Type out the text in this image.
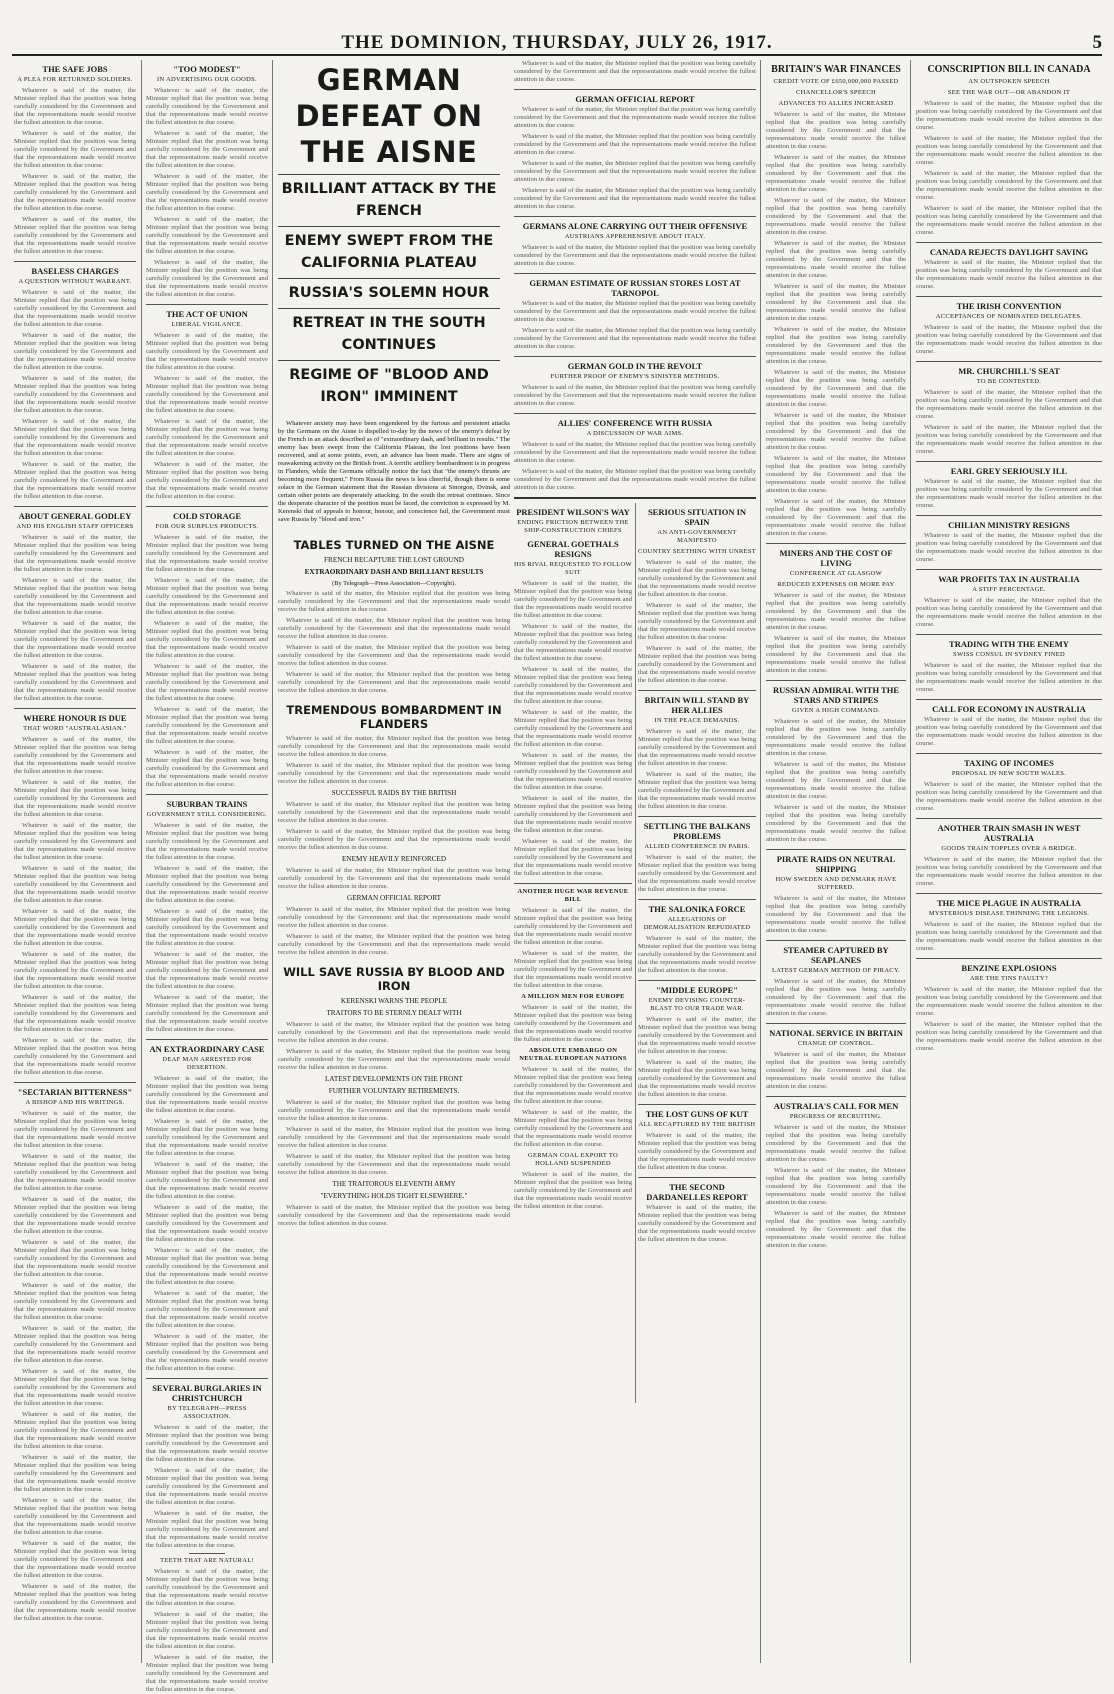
THE DOMINION, THURSDAY, JULY 26, 1917.	5
THE SAFE JOBS
A PLEA FOR RETURNED SOLDIERS.

Whatever is said of the matter, the Minister replied that the position was being carefully considered by the Government and that the representations made would receive the fullest attention in due course.

Whatever is said of the matter, the Minister replied that the position was being carefully considered by the Government and that the representations made would receive the fullest attention in due course.

Whatever is said of the matter, the Minister replied that the position was being carefully considered by the Government and that the representations made would receive the fullest attention in due course.

Whatever is said of the matter, the Minister replied that the position was being carefully considered by the Government and that the representations made would receive the fullest attention in due course.

BASELESS CHARGES
A QUESTION WITHOUT WARRANT.

Whatever is said of the matter, the Minister replied that the position was being carefully considered by the Government and that the representations made would receive the fullest attention in due course.

Whatever is said of the matter, the Minister replied that the position was being carefully considered by the Government and that the representations made would receive the fullest attention in due course.

Whatever is said of the matter, the Minister replied that the position was being carefully considered by the Government and that the representations made would receive the fullest attention in due course.

Whatever is said of the matter, the Minister replied that the position was being carefully considered by the Government and that the representations made would receive the fullest attention in due course.

Whatever is said of the matter, the Minister replied that the position was being carefully considered by the Government and that the representations made would receive the fullest attention in due course.

ABOUT GENERAL GODLEY
AND HIS ENGLISH STAFF OFFICERS

Whatever is said of the matter, the Minister replied that the position was being carefully considered by the Government and that the representations made would receive the fullest attention in due course.

Whatever is said of the matter, the Minister replied that the position was being carefully considered by the Government and that the representations made would receive the fullest attention in due course.

Whatever is said of the matter, the Minister replied that the position was being carefully considered by the Government and that the representations made would receive the fullest attention in due course.

Whatever is said of the matter, the Minister replied that the position was being carefully considered by the Government and that the representations made would receive the fullest attention in due course.

WHERE HONOUR IS DUE
THAT WORD "AUSTRALASIAN."

Whatever is said of the matter, the Minister replied that the position was being carefully considered by the Government and that the representations made would receive the fullest attention in due course.

Whatever is said of the matter, the Minister replied that the position was being carefully considered by the Government and that the representations made would receive the fullest attention in due course.

Whatever is said of the matter, the Minister replied that the position was being carefully considered by the Government and that the representations made would receive the fullest attention in due course.

Whatever is said of the matter, the Minister replied that the position was being carefully considered by the Government and that the representations made would receive the fullest attention in due course.

Whatever is said of the matter, the Minister replied that the position was being carefully considered by the Government and that the representations made would receive the fullest attention in due course.

Whatever is said of the matter, the Minister replied that the position was being carefully considered by the Government and that the representations made would receive the fullest attention in due course.

Whatever is said of the matter, the Minister replied that the position was being carefully considered by the Government and that the representations made would receive the fullest attention in due course.

Whatever is said of the matter, the Minister replied that the position was being carefully considered by the Government and that the representations made would receive the fullest attention in due course.

"SECTARIAN BITTERNESS"
A BISHOP AND HIS WRITINGS.

Whatever is said of the matter, the Minister replied that the position was being carefully considered by the Government and that the representations made would receive the fullest attention in due course.

Whatever is said of the matter, the Minister replied that the position was being carefully considered by the Government and that the representations made would receive the fullest attention in due course.

Whatever is said of the matter, the Minister replied that the position was being carefully considered by the Government and that the representations made would receive the fullest attention in due course.

Whatever is said of the matter, the Minister replied that the position was being carefully considered by the Government and that the representations made would receive the fullest attention in due course.

Whatever is said of the matter, the Minister replied that the position was being carefully considered by the Government and that the representations made would receive the fullest attention in due course.

Whatever is said of the matter, the Minister replied that the position was being carefully considered by the Government and that the representations made would receive the fullest attention in due course.

Whatever is said of the matter, the Minister replied that the position was being carefully considered by the Government and that the representations made would receive the fullest attention in due course.

Whatever is said of the matter, the Minister replied that the position was being carefully considered by the Government and that the representations made would receive the fullest attention in due course.

Whatever is said of the matter, the Minister replied that the position was being carefully considered by the Government and that the representations made would receive the fullest attention in due course.

Whatever is said of the matter, the Minister replied that the position was being carefully considered by the Government and that the representations made would receive the fullest attention in due course.

Whatever is said of the matter, the Minister replied that the position was being carefully considered by the Government and that the representations made would receive the fullest attention in due course.

Whatever is said of the matter, the Minister replied that the position was being carefully considered by the Government and that the representations made would receive the fullest attention in due course.

"TOO MODEST"
IN ADVERTISING OUR GOODS.

Whatever is said of the matter, the Minister replied that the position was being carefully considered by the Government and that the representations made would receive the fullest attention in due course.

Whatever is said of the matter, the Minister replied that the position was being carefully considered by the Government and that the representations made would receive the fullest attention in due course.

Whatever is said of the matter, the Minister replied that the position was being carefully considered by the Government and that the representations made would receive the fullest attention in due course.

Whatever is said of the matter, the Minister replied that the position was being carefully considered by the Government and that the representations made would receive the fullest attention in due course.

Whatever is said of the matter, the Minister replied that the position was being carefully considered by the Government and that the representations made would receive the fullest attention in due course.

THE ACT OF UNION
LIBERAL VIGILANCE.

Whatever is said of the matter, the Minister replied that the position was being carefully considered by the Government and that the representations made would receive the fullest attention in due course.

Whatever is said of the matter, the Minister replied that the position was being carefully considered by the Government and that the representations made would receive the fullest attention in due course.

Whatever is said of the matter, the Minister replied that the position was being carefully considered by the Government and that the representations made would receive the fullest attention in due course.

Whatever is said of the matter, the Minister replied that the position was being carefully considered by the Government and that the representations made would receive the fullest attention in due course.

COLD STORAGE
FOR OUR SURPLUS PRODUCTS.

Whatever is said of the matter, the Minister replied that the position was being carefully considered by the Government and that the representations made would receive the fullest attention in due course.

Whatever is said of the matter, the Minister replied that the position was being carefully considered by the Government and that the representations made would receive the fullest attention in due course.

Whatever is said of the matter, the Minister replied that the position was being carefully considered by the Government and that the representations made would receive the fullest attention in due course.

Whatever is said of the matter, the Minister replied that the position was being carefully considered by the Government and that the representations made would receive the fullest attention in due course.

Whatever is said of the matter, the Minister replied that the position was being carefully considered by the Government and that the representations made would receive the fullest attention in due course.

Whatever is said of the matter, the Minister replied that the position was being carefully considered by the Government and that the representations made would receive the fullest attention in due course.

SUBURBAN TRAINS
GOVERNMENT STILL CONSIDERING.

Whatever is said of the matter, the Minister replied that the position was being carefully considered by the Government and that the representations made would receive the fullest attention in due course.

Whatever is said of the matter, the Minister replied that the position was being carefully considered by the Government and that the representations made would receive the fullest attention in due course.

Whatever is said of the matter, the Minister replied that the position was being carefully considered by the Government and that the representations made would receive the fullest attention in due course.

Whatever is said of the matter, the Minister replied that the position was being carefully considered by the Government and that the representations made would receive the fullest attention in due course.

Whatever is said of the matter, the Minister replied that the position was being carefully considered by the Government and that the representations made would receive the fullest attention in due course.

AN EXTRAORDINARY CASE
DEAF MAN ARRESTED FOR DESERTION.

Whatever is said of the matter, the Minister replied that the position was being carefully considered by the Government and that the representations made would receive the fullest attention in due course.

Whatever is said of the matter, the Minister replied that the position was being carefully considered by the Government and that the representations made would receive the fullest attention in due course.

Whatever is said of the matter, the Minister replied that the position was being carefully considered by the Government and that the representations made would receive the fullest attention in due course.

Whatever is said of the matter, the Minister replied that the position was being carefully considered by the Government and that the representations made would receive the fullest attention in due course.

Whatever is said of the matter, the Minister replied that the position was being carefully considered by the Government and that the representations made would receive the fullest attention in due course.

Whatever is said of the matter, the Minister replied that the position was being carefully considered by the Government and that the representations made would receive the fullest attention in due course.

Whatever is said of the matter, the Minister replied that the position was being carefully considered by the Government and that the representations made would receive the fullest attention in due course.

SEVERAL BURGLARIES IN CHRISTCHURCH
BY TELEGRAPH—PRESS ASSOCIATION.

Whatever is said of the matter, the Minister replied that the position was being carefully considered by the Government and that the representations made would receive the fullest attention in due course.

Whatever is said of the matter, the Minister replied that the position was being carefully considered by the Government and that the representations made would receive the fullest attention in due course.

Whatever is said of the matter, the Minister replied that the position was being carefully considered by the Government and that the representations made would receive the fullest attention in due course.

TEETH THAT ARE NATURAL!

Whatever is said of the matter, the Minister replied that the position was being carefully considered by the Government and that the representations made would receive the fullest attention in due course.

Whatever is said of the matter, the Minister replied that the position was being carefully considered by the Government and that the representations made would receive the fullest attention in due course.

Whatever is said of the matter, the Minister replied that the position was being carefully considered by the Government and that the representations made would receive the fullest attention in due course.

GERMAN DEFEAT ON THE AISNE
BRILLIANT ATTACK BY THE FRENCH
ENEMY SWEPT FROM THE CALIFORNIA PLATEAU
RUSSIA'S SOLEMN HOUR
RETREAT IN THE SOUTH CONTINUES
REGIME OF "BLOOD AND IRON" IMMINENT

Whatever is said of the matter, the Minister replied that the position was being carefully considered by the Government and that the representations made would receive the fullest attention in due course.

GERMAN OFFICIAL REPORT

Whatever is said of the matter, the Minister replied that the position was being carefully considered by the Government and that the representations made would receive the fullest attention in due course.

Whatever is said of the matter, the Minister replied that the position was being carefully considered by the Government and that the representations made would receive the fullest attention in due course.

Whatever is said of the matter, the Minister replied that the position was being carefully considered by the Government and that the representations made would receive the fullest attention in due course.

Whatever is said of the matter, the Minister replied that the position was being carefully considered by the Government and that the representations made would receive the fullest attention in due course.

GERMANS ALONE CARRYING OUT THEIR OFFENSIVE
AUSTRIANS APPREHENSIVE ABOUT ITALY.

Whatever is said of the matter, the Minister replied that the position was being carefully considered by the Government and that the representations made would receive the fullest attention in due course.

GERMAN ESTIMATE OF RUSSIAN STORES LOST AT TARNOPOL

Whatever is said of the matter, the Minister replied that the position was being carefully considered by the Government and that the representations made would receive the fullest attention in due course.

Whatever is said of the matter, the Minister replied that the position was being carefully considered by the Government and that the representations made would receive the fullest attention in due course.

GERMAN GOLD IN THE REVOLT
FURTHER PROOF OF ENEMY'S SINISTER METHODS.

Whatever is said of the matter, the Minister replied that the position was being carefully considered by the Government and that the representations made would receive the fullest attention in due course.

ALLIES' CONFERENCE WITH RUSSIA
A DISCUSSION OF WAR AIMS.

Whatever is said of the matter, the Minister replied that the position was being carefully considered by the Government and that the representations made would receive the fullest attention in due course.

Whatever is said of the matter, the Minister replied that the position was being carefully considered by the Government and that the representations made would receive the fullest attention in due course.

PRESIDENT WILSON'S WAY
ENDING FRICTION BETWEEN THE SHIP-CONSTRUCTION CHIEFS
GENERAL GOETHALS RESIGNS
HIS RIVAL REQUESTED TO FOLLOW SUIT

Whatever is said of the matter, the Minister replied that the position was being carefully considered by the Government and that the representations made would receive the fullest attention in due course.

Whatever is said of the matter, the Minister replied that the position was being carefully considered by the Government and that the representations made would receive the fullest attention in due course.

Whatever is said of the matter, the Minister replied that the position was being carefully considered by the Government and that the representations made would receive the fullest attention in due course.

Whatever is said of the matter, the Minister replied that the position was being carefully considered by the Government and that the representations made would receive the fullest attention in due course.

Whatever is said of the matter, the Minister replied that the position was being carefully considered by the Government and that the representations made would receive the fullest attention in due course.

Whatever is said of the matter, the Minister replied that the position was being carefully considered by the Government and that the representations made would receive the fullest attention in due course.

Whatever is said of the matter, the Minister replied that the position was being carefully considered by the Government and that the representations made would receive the fullest attention in due course.

ANOTHER HUGE WAR REVENUE BILL

Whatever is said of the matter, the Minister replied that the position was being carefully considered by the Government and that the representations made would receive the fullest attention in due course.

Whatever is said of the matter, the Minister replied that the position was being carefully considered by the Government and that the representations made would receive the fullest attention in due course.

A MILLION MEN FOR EUROPE

Whatever is said of the matter, the Minister replied that the position was being carefully considered by the Government and that the representations made would receive the fullest attention in due course.

ABSOLUTE EMBARGO ON NEUTRAL EUROPEAN NATIONS

Whatever is said of the matter, the Minister replied that the position was being carefully considered by the Government and that the representations made would receive the fullest attention in due course.

Whatever is said of the matter, the Minister replied that the position was being carefully considered by the Government and that the representations made would receive the fullest attention in due course.

GERMAN COAL EXPORT TO HOLLAND SUSPENDED

Whatever is said of the matter, the Minister replied that the position was being carefully considered by the Government and that the representations made would receive the fullest attention in due course.

SERIOUS SITUATION IN SPAIN
AN ANTI-GOVERNMENT MANIFESTO
COUNTRY SEETHING WITH UNREST

Whatever is said of the matter, the Minister replied that the position was being carefully considered by the Government and that the representations made would receive the fullest attention in due course.

Whatever is said of the matter, the Minister replied that the position was being carefully considered by the Government and that the representations made would receive the fullest attention in due course.

Whatever is said of the matter, the Minister replied that the position was being carefully considered by the Government and that the representations made would receive the fullest attention in due course.

BRITAIN WILL STAND BY HER ALLIES
IN THE PEACE DEMANDS.

Whatever is said of the matter, the Minister replied that the position was being carefully considered by the Government and that the representations made would receive the fullest attention in due course.

Whatever is said of the matter, the Minister replied that the position was being carefully considered by the Government and that the representations made would receive the fullest attention in due course.

SETTLING THE BALKANS PROBLEMS
ALLIED CONFERENCE IN PARIS.

Whatever is said of the matter, the Minister replied that the position was being carefully considered by the Government and that the representations made would receive the fullest attention in due course.

THE SALONIKA FORCE
ALLEGATIONS OF DEMORALISATION REPUDIATED

Whatever is said of the matter, the Minister replied that the position was being carefully considered by the Government and that the representations made would receive the fullest attention in due course.

"MIDDLE EUROPE"
ENEMY DEVISING COUNTER-BLAST TO OUR TRADE WAR.

Whatever is said of the matter, the Minister replied that the position was being carefully considered by the Government and that the representations made would receive the fullest attention in due course.

Whatever is said of the matter, the Minister replied that the position was being carefully considered by the Government and that the representations made would receive the fullest attention in due course.

THE LOST GUNS OF KUT
ALL RECAPTURED BY THE BRITISH

Whatever is said of the matter, the Minister replied that the position was being carefully considered by the Government and that the representations made would receive the fullest attention in due course.

THE SECOND DARDANELLES REPORT

Whatever is said of the matter, the Minister replied that the position was being carefully considered by the Government and that the representations made would receive the fullest attention in due course.

Whatever anxiety may have been engendered by the furious and persistent attacks by the Germans on the Aisne is dispelled to-day by the news of the enemy's defeat by the French in an attack described as of "extraordinary dash, and brilliant in results." The enemy has been swept from the California Plateau, the lost positions have been recovered, and at some points, even, an advance has been made. There are signs of reawakening activity on the British front. A terrific artillery bombardment is in progress in Flanders, while the Germans officially notice the fact that "the enemy's thrusts are becoming more frequent." From Russia the news is less cheerful, though there is some solace in the German statement that the Russian divisions at Smorgon, Dvinsk, and certain other points are desperately attacking. In the south the retreat continues. Since the desperate character of the position must be faced, the conviction is expressed by M. Kerenski that of appeals to honour, honour, and conscience fail, the Government must save Russia by "blood and iron."

TABLES TURNED ON THE AISNE
FRENCH RECAPTURE THE LOST GROUND
EXTRAORDINARY DASH AND BRILLIANT RESULTS
(By Telegraph—Press Association—Copyright).

Whatever is said of the matter, the Minister replied that the position was being carefully considered by the Government and that the representations made would receive the fullest attention in due course.

Whatever is said of the matter, the Minister replied that the position was being carefully considered by the Government and that the representations made would receive the fullest attention in due course.

Whatever is said of the matter, the Minister replied that the position was being carefully considered by the Government and that the representations made would receive the fullest attention in due course.

Whatever is said of the matter, the Minister replied that the position was being carefully considered by the Government and that the representations made would receive the fullest attention in due course.

TREMENDOUS BOMBARDMENT IN FLANDERS

Whatever is said of the matter, the Minister replied that the position was being carefully considered by the Government and that the representations made would receive the fullest attention in due course.

Whatever is said of the matter, the Minister replied that the position was being carefully considered by the Government and that the representations made would receive the fullest attention in due course.

SUCCESSFUL RAIDS BY THE BRITISH

Whatever is said of the matter, the Minister replied that the position was being carefully considered by the Government and that the representations made would receive the fullest attention in due course.

Whatever is said of the matter, the Minister replied that the position was being carefully considered by the Government and that the representations made would receive the fullest attention in due course.

ENEMY HEAVILY REINFORCED

Whatever is said of the matter, the Minister replied that the position was being carefully considered by the Government and that the representations made would receive the fullest attention in due course.

GERMAN OFFICIAL REPORT

Whatever is said of the matter, the Minister replied that the position was being carefully considered by the Government and that the representations made would receive the fullest attention in due course.

Whatever is said of the matter, the Minister replied that the position was being carefully considered by the Government and that the representations made would receive the fullest attention in due course.

WILL SAVE RUSSIA BY BLOOD AND IRON
KERENSKI WARNS THE PEOPLE
TRAITORS TO BE STERNLY DEALT WITH

Whatever is said of the matter, the Minister replied that the position was being carefully considered by the Government and that the representations made would receive the fullest attention in due course.

Whatever is said of the matter, the Minister replied that the position was being carefully considered by the Government and that the representations made would receive the fullest attention in due course.

LATEST DEVELOPMENTS ON THE FRONT
FURTHER VOLUNTARY RETIREMENTS.

Whatever is said of the matter, the Minister replied that the position was being carefully considered by the Government and that the representations made would receive the fullest attention in due course.

Whatever is said of the matter, the Minister replied that the position was being carefully considered by the Government and that the representations made would receive the fullest attention in due course.

Whatever is said of the matter, the Minister replied that the position was being carefully considered by the Government and that the representations made would receive the fullest attention in due course.

THE TRAITOROUS ELEVENTH ARMY
"EVERYTHING HOLDS TIGHT ELSEWHERE."

Whatever is said of the matter, the Minister replied that the position was being carefully considered by the Government and that the representations made would receive the fullest attention in due course.

BRITAIN'S WAR FINANCES
CREDIT VOTE OF £650,000,000 PASSED
CHANCELLOR'S SPEECH
ADVANCES TO ALLIES INCREASED

Whatever is said of the matter, the Minister replied that the position was being carefully considered by the Government and that the representations made would receive the fullest attention in due course.

Whatever is said of the matter, the Minister replied that the position was being carefully considered by the Government and that the representations made would receive the fullest attention in due course.

Whatever is said of the matter, the Minister replied that the position was being carefully considered by the Government and that the representations made would receive the fullest attention in due course.

Whatever is said of the matter, the Minister replied that the position was being carefully considered by the Government and that the representations made would receive the fullest attention in due course.

Whatever is said of the matter, the Minister replied that the position was being carefully considered by the Government and that the representations made would receive the fullest attention in due course.

Whatever is said of the matter, the Minister replied that the position was being carefully considered by the Government and that the representations made would receive the fullest attention in due course.

Whatever is said of the matter, the Minister replied that the position was being carefully considered by the Government and that the representations made would receive the fullest attention in due course.

Whatever is said of the matter, the Minister replied that the position was being carefully considered by the Government and that the representations made would receive the fullest attention in due course.

Whatever is said of the matter, the Minister replied that the position was being carefully considered by the Government and that the representations made would receive the fullest attention in due course.

Whatever is said of the matter, the Minister replied that the position was being carefully considered by the Government and that the representations made would receive the fullest attention in due course.

MINERS AND THE COST OF LIVING
CONFERENCE AT GLASGOW
REDUCED EXPENSES OR MORE PAY

Whatever is said of the matter, the Minister replied that the position was being carefully considered by the Government and that the representations made would receive the fullest attention in due course.

Whatever is said of the matter, the Minister replied that the position was being carefully considered by the Government and that the representations made would receive the fullest attention in due course.

RUSSIAN ADMIRAL WITH THE STARS AND STRIPES
GIVEN A HIGH COMMAND.

Whatever is said of the matter, the Minister replied that the position was being carefully considered by the Government and that the representations made would receive the fullest attention in due course.

Whatever is said of the matter, the Minister replied that the position was being carefully considered by the Government and that the representations made would receive the fullest attention in due course.

Whatever is said of the matter, the Minister replied that the position was being carefully considered by the Government and that the representations made would receive the fullest attention in due course.

PIRATE RAIDS ON NEUTRAL SHIPPING
HOW SWEDEN AND DENMARK HAVE SUFFERED.

Whatever is said of the matter, the Minister replied that the position was being carefully considered by the Government and that the representations made would receive the fullest attention in due course.

STEAMER CAPTURED BY SEAPLANES
LATEST GERMAN METHOD OF PIRACY.

Whatever is said of the matter, the Minister replied that the position was being carefully considered by the Government and that the representations made would receive the fullest attention in due course.

NATIONAL SERVICE IN BRITAIN
CHANGE OF CONTROL.

Whatever is said of the matter, the Minister replied that the position was being carefully considered by the Government and that the representations made would receive the fullest attention in due course.

AUSTRALIA'S CALL FOR MEN
PROGRESS OF RECRUITING.

Whatever is said of the matter, the Minister replied that the position was being carefully considered by the Government and that the representations made would receive the fullest attention in due course.

Whatever is said of the matter, the Minister replied that the position was being carefully considered by the Government and that the representations made would receive the fullest attention in due course.

Whatever is said of the matter, the Minister replied that the position was being carefully considered by the Government and that the representations made would receive the fullest attention in due course.

CONSCRIPTION BILL IN CANADA
AN OUTSPOKEN SPEECH
SEE THE WAR OUT—OR ABANDON IT

Whatever is said of the matter, the Minister replied that the position was being carefully considered by the Government and that the representations made would receive the fullest attention in due course.

Whatever is said of the matter, the Minister replied that the position was being carefully considered by the Government and that the representations made would receive the fullest attention in due course.

Whatever is said of the matter, the Minister replied that the position was being carefully considered by the Government and that the representations made would receive the fullest attention in due course.

Whatever is said of the matter, the Minister replied that the position was being carefully considered by the Government and that the representations made would receive the fullest attention in due course.

CANADA REJECTS DAYLIGHT SAVING

Whatever is said of the matter, the Minister replied that the position was being carefully considered by the Government and that the representations made would receive the fullest attention in due course.

THE IRISH CONVENTION
ACCEPTANCES OF NOMINATED DELEGATES.

Whatever is said of the matter, the Minister replied that the position was being carefully considered by the Government and that the representations made would receive the fullest attention in due course.

MR. CHURCHILL'S SEAT
TO BE CONTESTED.

Whatever is said of the matter, the Minister replied that the position was being carefully considered by the Government and that the representations made would receive the fullest attention in due course.

Whatever is said of the matter, the Minister replied that the position was being carefully considered by the Government and that the representations made would receive the fullest attention in due course.

EARL GREY SERIOUSLY ILL

Whatever is said of the matter, the Minister replied that the position was being carefully considered by the Government and that the representations made would receive the fullest attention in due course.

CHILIAN MINISTRY RESIGNS

Whatever is said of the matter, the Minister replied that the position was being carefully considered by the Government and that the representations made would receive the fullest attention in due course.

WAR PROFITS TAX IN AUSTRALIA
A STIFF PERCENTAGE.

Whatever is said of the matter, the Minister replied that the position was being carefully considered by the Government and that the representations made would receive the fullest attention in due course.

TRADING WITH THE ENEMY
SWISS CONSUL IN SYDNEY FINED

Whatever is said of the matter, the Minister replied that the position was being carefully considered by the Government and that the representations made would receive the fullest attention in due course.

CALL FOR ECONOMY IN AUSTRALIA

Whatever is said of the matter, the Minister replied that the position was being carefully considered by the Government and that the representations made would receive the fullest attention in due course.

TAXING OF INCOMES
PROPOSAL IN NEW SOUTH WALES.

Whatever is said of the matter, the Minister replied that the position was being carefully considered by the Government and that the representations made would receive the fullest attention in due course.

ANOTHER TRAIN SMASH IN WEST AUSTRALIA
GOODS TRAIN TOPPLES OVER A BRIDGE.

Whatever is said of the matter, the Minister replied that the position was being carefully considered by the Government and that the representations made would receive the fullest attention in due course.

THE MICE PLAGUE IN AUSTRALIA
MYSTERIOUS DISEASE THINNING THE LEGIONS.

Whatever is said of the matter, the Minister replied that the position was being carefully considered by the Government and that the representations made would receive the fullest attention in due course.

BENZINE EXPLOSIONS
ARE THE TINS FAULTY?

Whatever is said of the matter, the Minister replied that the position was being carefully considered by the Government and that the representations made would receive the fullest attention in due course.

Whatever is said of the matter, the Minister replied that the position was being carefully considered by the Government and that the representations made would receive the fullest attention in due course.
